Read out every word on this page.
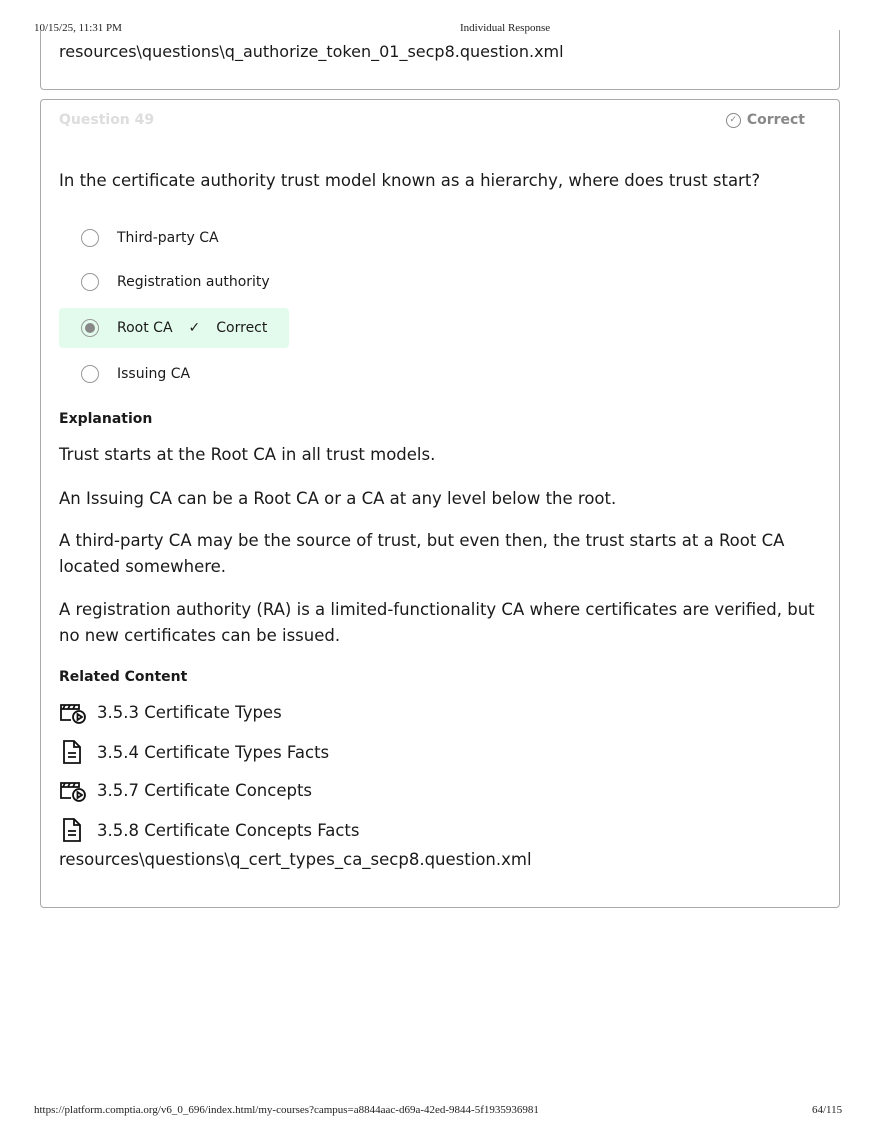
10/15/25, 11:31 PM	Individual Response
resources\questions\q_authorize_token_01_secp8.question.xml
Question 49	✓ Correct
In the certificate authority trust model known as a hierarchy, where does trust start?
Third-party CA
Registration authority
Root CA ✓ Correct
Issuing CA
Explanation
Trust starts at the Root CA in all trust models.
An Issuing CA can be a Root CA or a CA at any level below the root.
A third-party CA may be the source of trust, but even then, the trust starts at a Root CA located somewhere.
A registration authority (RA) is a limited-functionality CA where certificates are verified, but no new certificates can be issued.
Related Content
3.5.3 Certificate Types
3.5.4 Certificate Types Facts
3.5.7 Certificate Concepts
3.5.8 Certificate Concepts Facts
resources\questions\q_cert_types_ca_secp8.question.xml
https://platform.comptia.org/v6_0_696/index.html/my-courses?campus=a8844aac-d69a-42ed-9844-5f1935936981	64/115
